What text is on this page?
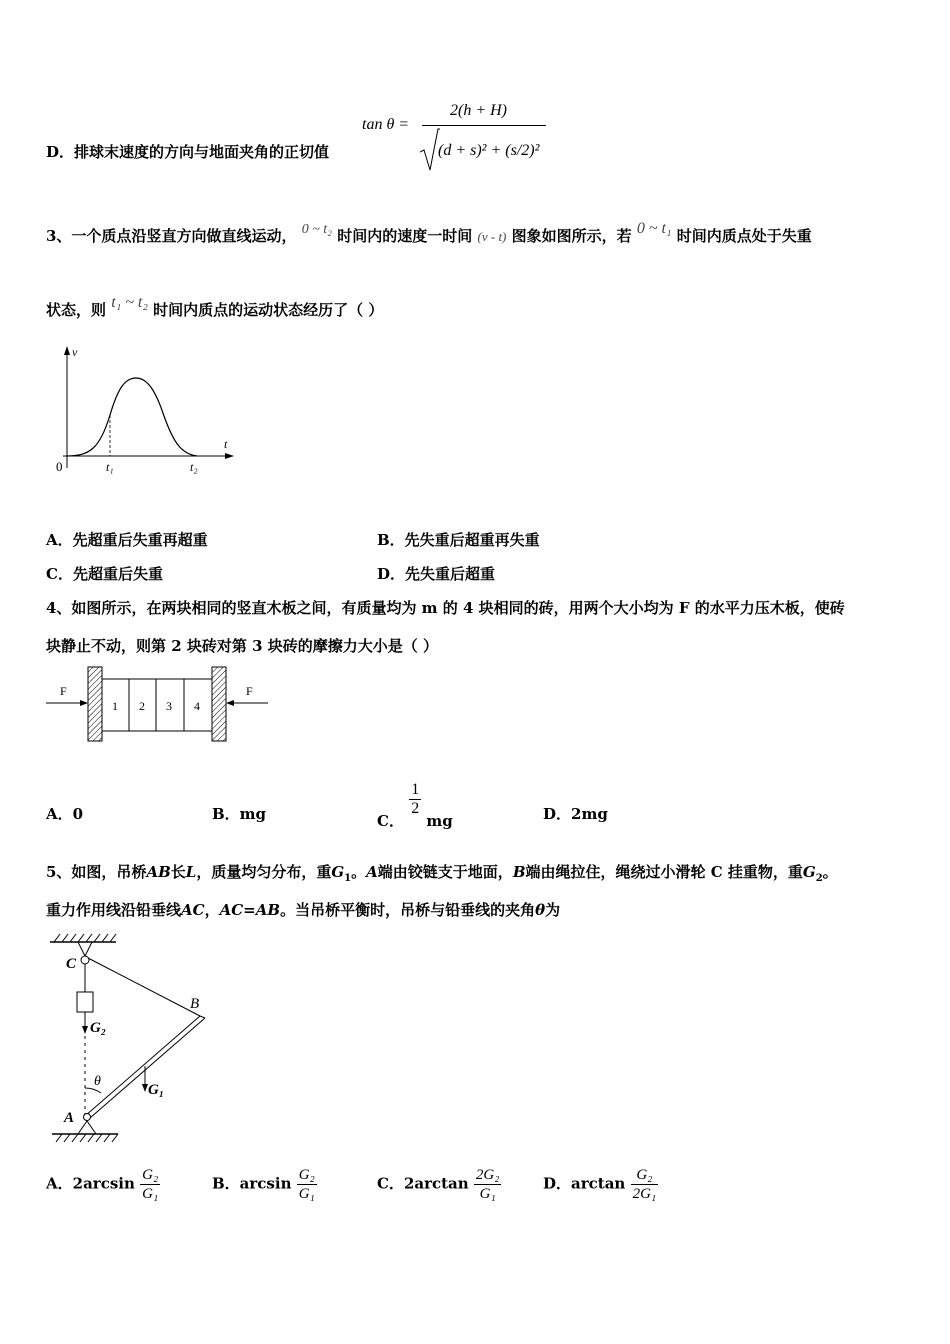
D．排球末速度的方向与地面夹角的正切值
tan θ =
2(h + H)
(d + s)² + (s/2)²
3、一个质点沿竖直方向做直线运动， 0 ~ t₂ 时间内的速度一时间 (v - t) 图象如图所示，若 0 ~ t₁ 时间内质点处于失重
状态，则 t₁ ~ t₂ 时间内质点的运动状态经历了（ ）
v
t
0	t₁	t₂
A．先超重后失重再超重	B．先失重后超重再失重
C．先超重后失重	D．先失重后超重
4、如图所示，在两块相同的竖直木板之间，有质量均为 m 的 4 块相同的砖，用两个大小均为 F 的水平力压木板，使砖
块静止不动，则第 2 块砖对第 3 块砖的摩擦力大小是（ ）
1 2 3 4
F	F
A．0	B．mg	C．
$\frac{1}{2}$
mg	D．2mg
5、如图，吊桥AB长L，质量均匀分布，重$G_1$。A端由铰链支于地面，B端由绳拉住，绳绕过小滑轮 C 挂重物，重$G_2$。
重力作用线沿铅垂线AC，AC=AB。当吊桥平衡时，吊桥与铅垂线的夹角θ为
C
B
A
G₂
G₁
θ
A．$2\arcsin \frac{\text{G₂}}{\text{G₁}}$	B．$\arcsin \frac{\text{G₂}}{\text{G₁}}$	C．$2\arctan \frac{\text{2G₂}}{\text{G₁}}$	D．$\arctan \frac{\text{G₂}}{\text{2G₁}}$
